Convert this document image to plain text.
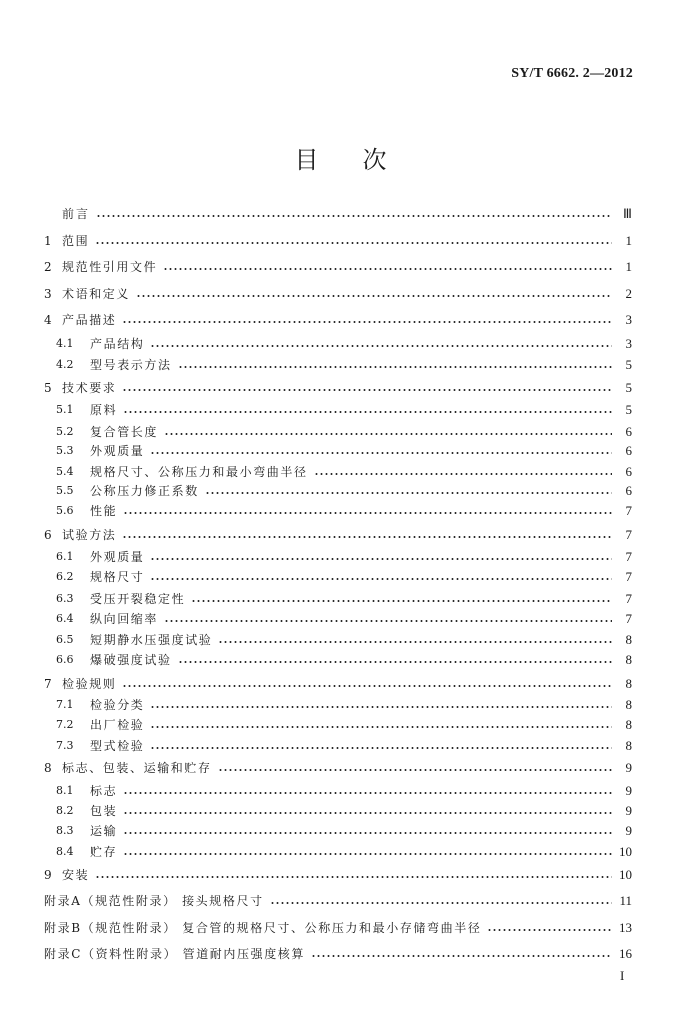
SY/T 6662. 2—2012
目次
前言	Ⅲ
1 范围	1
2 规范性引用文件	1
3 术语和定义	2
4 产品描述	3
4.1	产品结构	3
4.2	型号表示方法	5
5 技术要求	5
5.1	原料	5
5.2	复合管长度	6
5.3	外观质量	6
5.4	规格尺寸、公称压力和最小弯曲半径	6
5.5	公称压力修正系数	6
5.6	性能	7
6 试验方法	7
6.1	外观质量	7
6.2	规格尺寸	7
6.3	受压开裂稳定性	7
6.4	纵向回缩率	7
6.5	短期静水压强度试验	8
6.6	爆破强度试验	8
7 检验规则	8
7.1	检验分类	8
7.2	出厂检验	8
7.3	型式检验	8
8 标志、包装、运输和贮存	9
8.1	标志	9
8.2	包装	9
8.3	运输	9
8.4	贮存	10
9 安装	10
附录A（规范性附录） 接头规格尺寸	11
附录B（规范性附录） 复合管的规格尺寸、公称压力和最小存储弯曲半径	13
附录C（资料性附录） 管道耐内压强度核算	16
I
